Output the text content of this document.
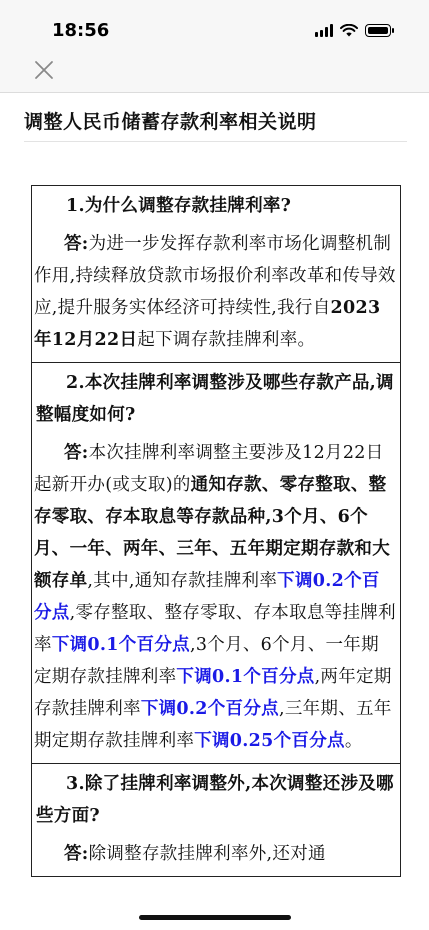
18:56
调整人民币储蓄存款利率相关说明
1.为什么调整存款挂牌利率?
答:为进一步发挥存款利率市场化调整机制作用,持续释放贷款市场报价利率改革和传导效应,提升服务实体经济可持续性,我行自2023年12月22日起下调存款挂牌利率。
2.本次挂牌利率调整涉及哪些存款产品,调整幅度如何?
答:本次挂牌利率调整主要涉及12月22日起新开办(或支取)的通知存款、零存整取、整存零取、存本取息等存款品种,3个月、6个月、一年、两年、三年、五年期定期存款和大额存单,其中,通知存款挂牌利率下调0.2个百分点,零存整取、整存零取、存本取息等挂牌利率下调0.1个百分点,3个月、6个月、一年期定期存款挂牌利率下调0.1个百分点,两年定期存款挂牌利率下调0.2个百分点,三年期、五年期定期存款挂牌利率下调0.25个百分点。
3.除了挂牌利率调整外,本次调整还涉及哪些方面?
答:除调整存款挂牌利率外,还对通
